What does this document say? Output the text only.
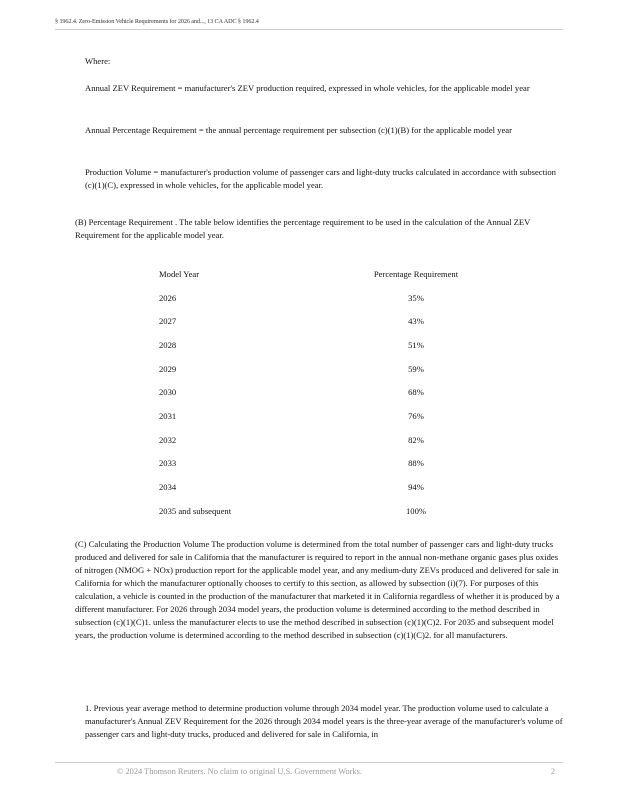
§ 1962.4. Zero-Emission Vehicle Requirements for 2026 and..., 13 CA ADC § 1962.4

Where:

Annual ZEV Requirement = manufacturer's ZEV production required, expressed in whole vehicles, for the applicable model year

Annual Percentage Requirement = the annual percentage requirement per subsection (c)(1)(B) for the applicable model year

Production Volume = manufacturer's production volume of passenger cars and light-duty trucks calculated in accordance with subsection (c)(1)(C), expressed in whole vehicles, for the applicable model year.

(B) Percentage Requirement . The table below identifies the percentage requirement to be used in the calculation of the Annual ZEV Requirement for the applicable model year.

Model Year	Percentage Requirement
2026	35%
2027	43%
2028	51%
2029	59%
2030	68%
2031	76%
2032	82%
2033	88%
2034	94%
2035 and subsequent	100%

(C) Calculating the Production Volume The production volume is determined from the total number of passenger cars and light-duty trucks produced and delivered for sale in California that the manufacturer is required to report in the annual non-methane organic gases plus oxides of nitrogen (NMOG + NOx) production report for the applicable model year, and any medium-duty ZEVs produced and delivered for sale in California for which the manufacturer optionally chooses to certify to this section, as allowed by subsection (i)(7). For purposes of this calculation, a vehicle is counted in the production of the manufacturer that marketed it in California regardless of whether it is produced by a different manufacturer. For 2026 through 2034 model years, the production volume is determined according to the method described in subsection (c)(1)(C)1. unless the manufacturer elects to use the method described in subsection (c)(1)(C)2. For 2035 and subsequent model years, the production volume is determined according to the method described in subsection (c)(1)(C)2. for all manufacturers.

1. Previous year average method to determine production volume through 2034 model year. The production volume used to calculate a manufacturer's Annual ZEV Requirement for the 2026 through 2034 model years is the three-year average of the manufacturer's volume of passenger cars and light-duty trucks, produced and delivered for sale in California, in

© 2024 Thomson Reuters. No claim to original U.S. Government Works.	2
